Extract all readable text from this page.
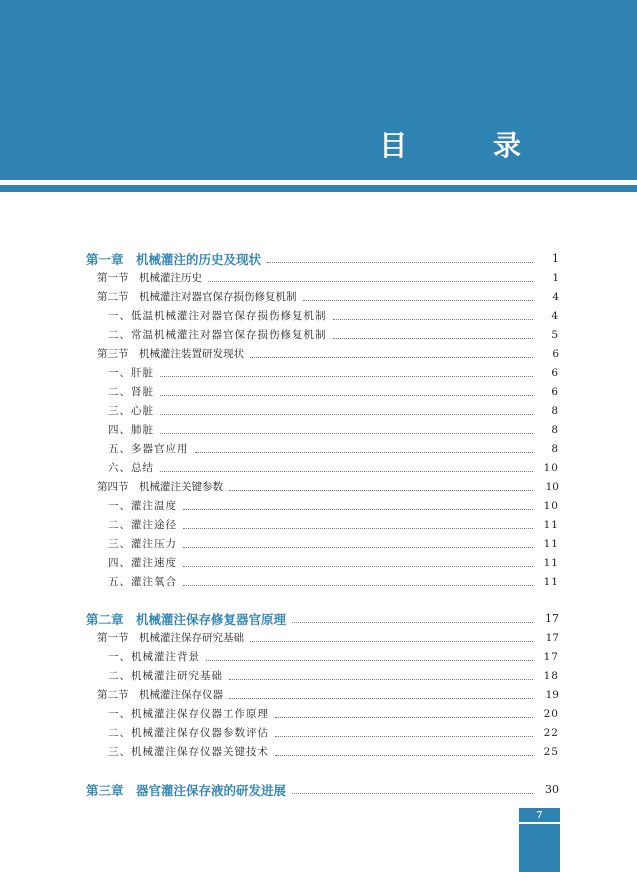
目 录
第一章　机械灌注的历史及现状	1
第一节　机械灌注历史	1
第二节　机械灌注对器官保存损伤修复机制	4
一、低温机械灌注对器官保存损伤修复机制	4
二、常温机械灌注对器官保存损伤修复机制	5
第三节　机械灌注装置研发现状	6
一、肝脏	6
二、肾脏	6
三、心脏	8
四、肺脏	8
五、多器官应用	8
六、总结	10
第四节　机械灌注关键参数	10
一、灌注温度	10
二、灌注途径	11
三、灌注压力	11
四、灌注速度	11
五、灌注氧合	11
第二章　机械灌注保存修复器官原理	17
第一节　机械灌注保存研究基础	17
一、机械灌注背景	17
二、机械灌注研究基础	18
第二节　机械灌注保存仪器	19
一、机械灌注保存仪器工作原理	20
二、机械灌注保存仪器参数评估	22
三、机械灌注保存仪器关键技术	25
第三章　器官灌注保存液的研发进展	30
7
